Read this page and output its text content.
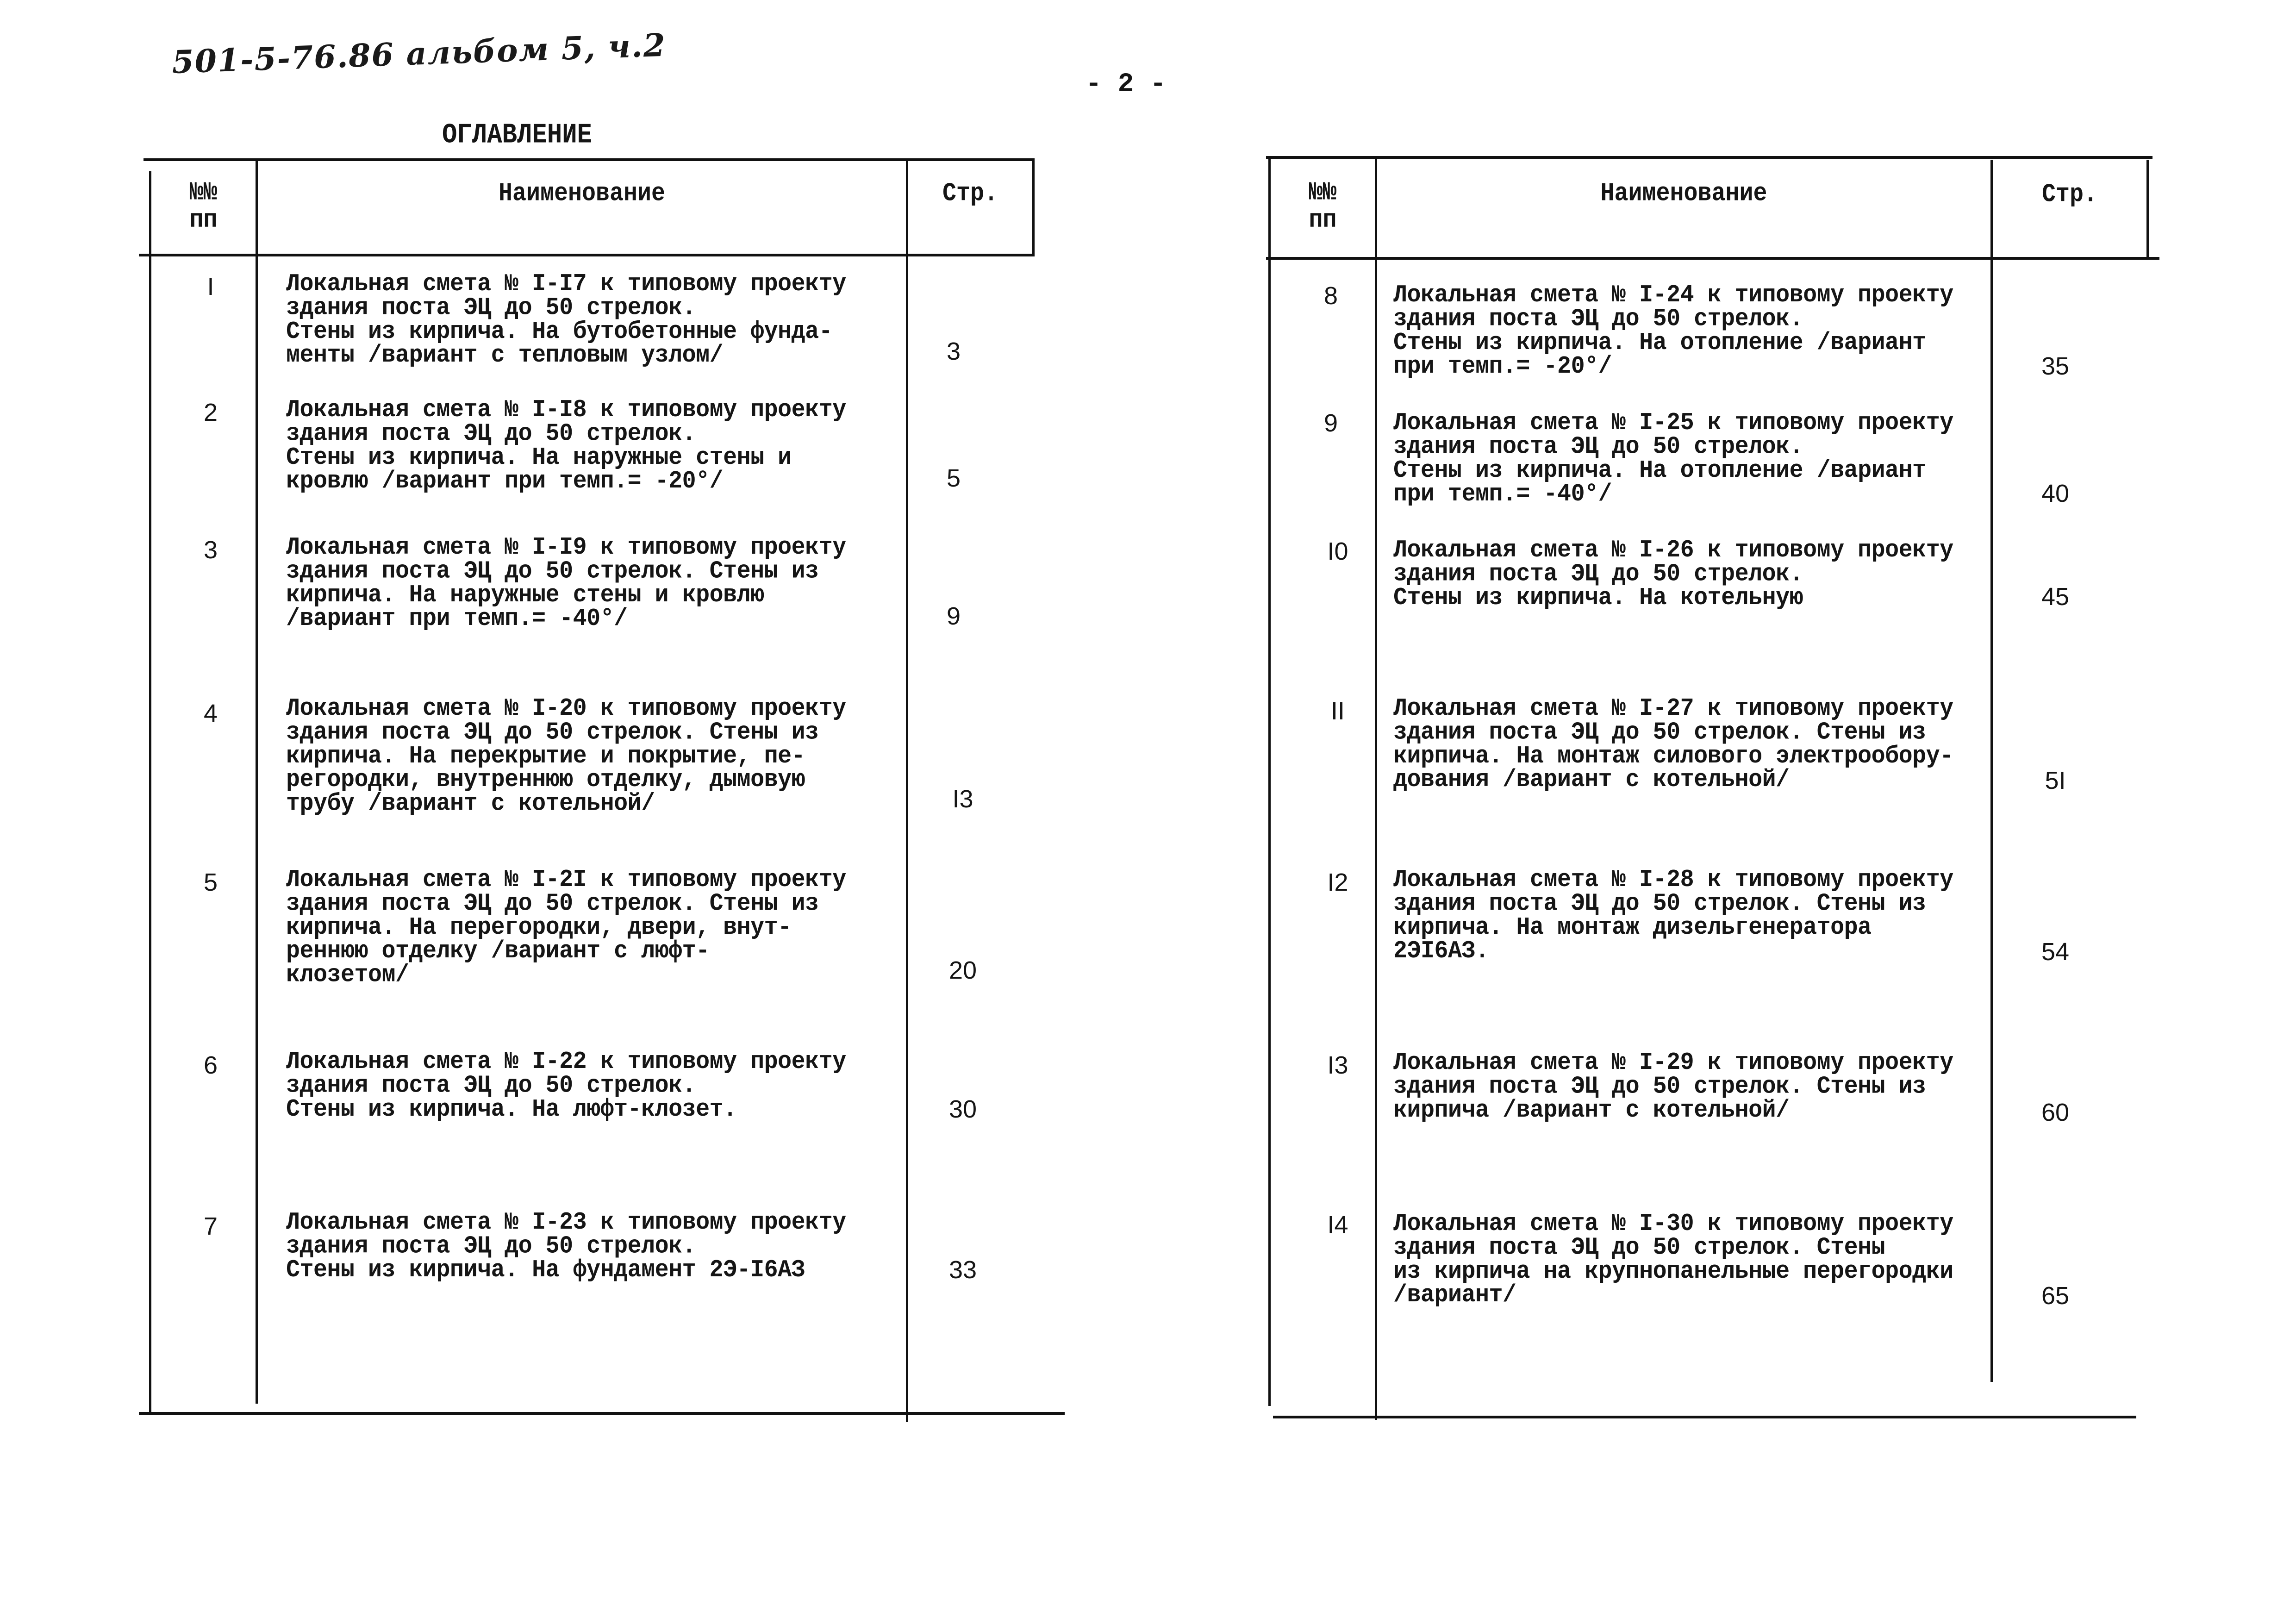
501-5-76.86 альбом 5, ч.2
- 2 -
ОГЛАВЛЕНИЕ
№№
пп
Наименование	Стр.
I	Локальная смета № I-I7 к типовому проекту
здания поста ЭЦ до 50 стрелок.
Стены из кирпича. На бутобетонные фунда-
менты /вариант с тепловым узлом/	3
2	Локальная смета № I-I8 к типовому проекту
здания поста ЭЦ до 50 стрелок.
Стены из кирпича. На наружные стены и
кровлю /вариант при темп.= -20°/	5
3	Локальная смета № I-I9 к типовому проекту
здания поста ЭЦ до 50 стрелок. Стены из
кирпича. На наружные стены и кровлю
/вариант при темп.= -40°/	9
4	Локальная смета № I-20 к типовому проекту
здания поста ЭЦ до 50 стрелок. Стены из
кирпича. На перекрытие и покрытие, пе-
регородки, внутреннюю отделку, дымовую
трубу /вариант с котельной/	I3
5	Локальная смета № I-2I к типовому проекту
здания поста ЭЦ до 50 стрелок. Стены из
кирпича. На перегородки, двери, внут-
реннюю отделку /вариант с люфт-
клозетом/	20
6	Локальная смета № I-22 к типовому проекту
здания поста ЭЦ до 50 стрелок.
Стены из кирпича. На люфт-клозет.	30
7	Локальная смета № I-23 к типовому проекту
здания поста ЭЦ до 50 стрелок.
Стены из кирпича. На фундамент 2Э-I6АЗ	33
№№
пп
Наименование	Стр.
8	Локальная смета № I-24 к типовому проекту
здания поста ЭЦ до 50 стрелок.
Стены из кирпича. На отопление /вариант
при темп.= -20°/	35
9	Локальная смета № I-25 к типовому проекту
здания поста ЭЦ до 50 стрелок.
Стены из кирпича. На отопление /вариант
при темп.= -40°/	40
I0	Локальная смета № I-26 к типовому проекту
здания поста ЭЦ до 50 стрелок.
Стены из кирпича. На котельную	45
II	Локальная смета № I-27 к типовому проекту
здания поста ЭЦ до 50 стрелок. Стены из
кирпича. На монтаж силового электрообору-
дования /вариант с котельной/	5I
I2	Локальная смета № I-28 к типовому проекту
здания поста ЭЦ до 50 стрелок. Стены из
кирпича. На монтаж дизельгенератора
2ЭI6АЗ.	54
I3	Локальная смета № I-29 к типовому проекту
здания поста ЭЦ до 50 стрелок. Стены из
кирпича /вариант с котельной/	60
I4	Локальная смета № I-30 к типовому проекту
здания поста ЭЦ до 50 стрелок. Стены
из кирпича на крупнопанельные перегородки
/вариант/	65
